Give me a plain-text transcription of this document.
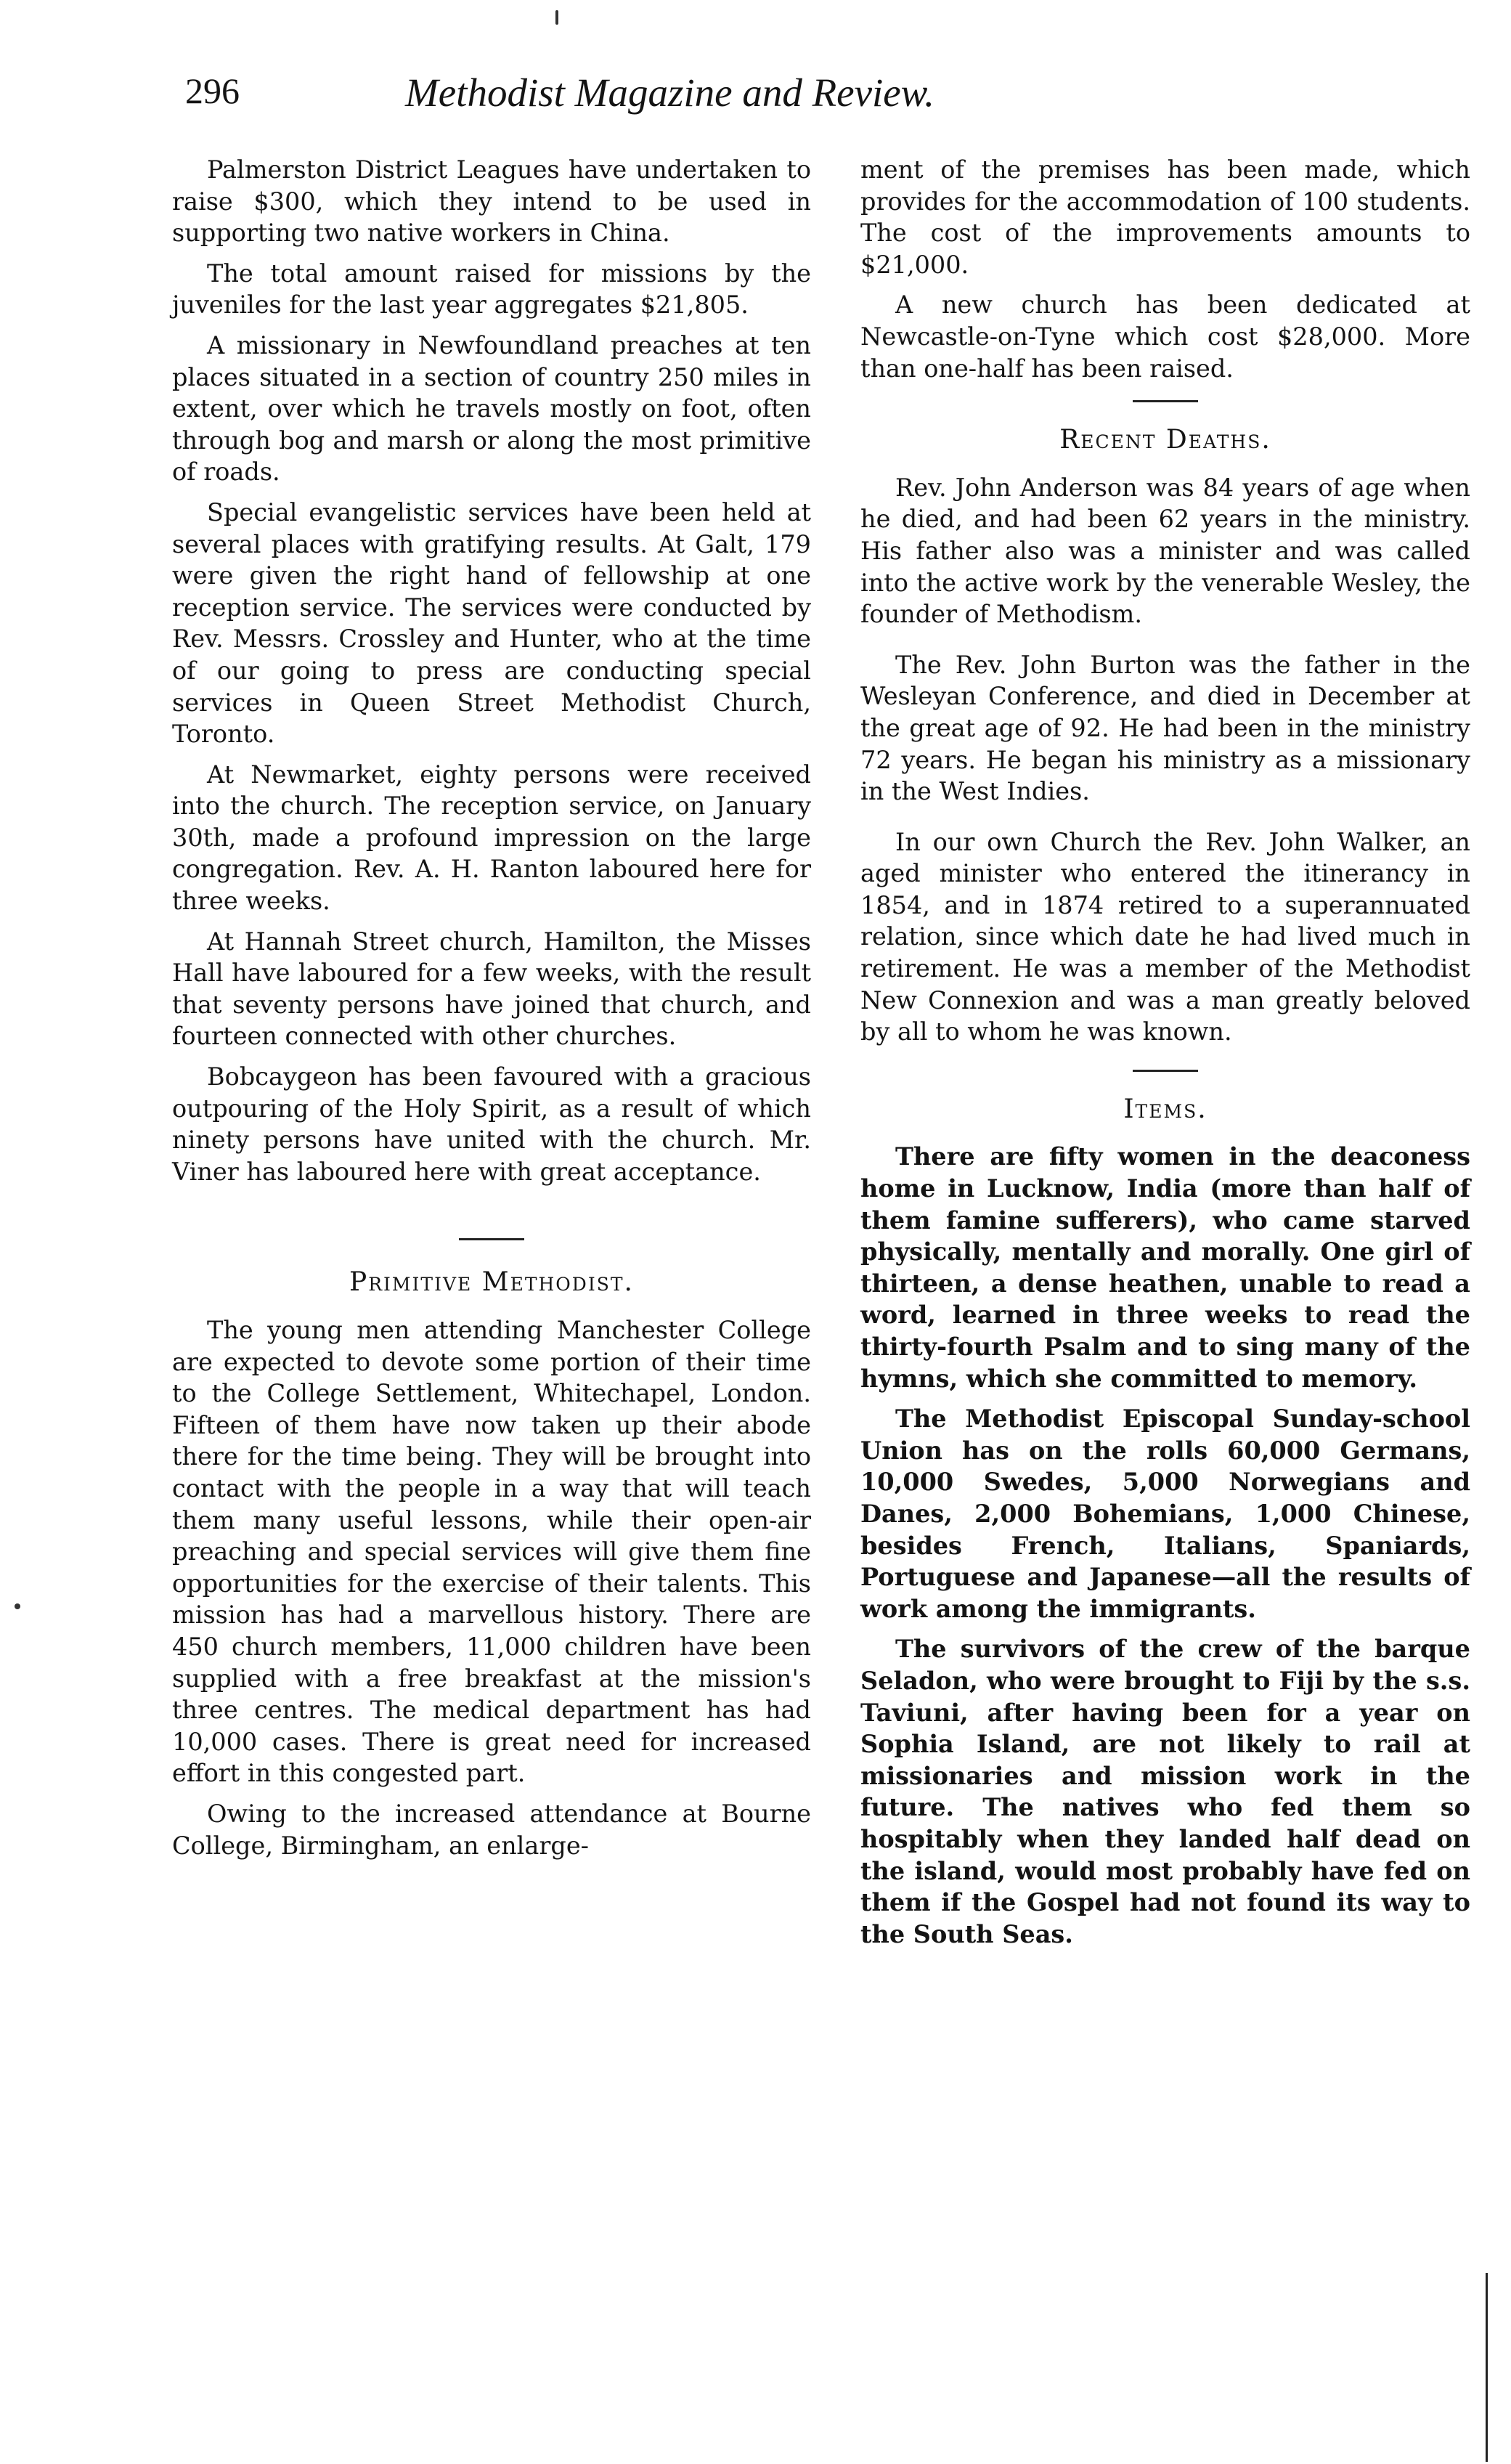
296	Methodist Magazine and Review.

Palmerston District Leagues have undertaken to raise $300, which they intend to be used in supporting two native workers in China.

The total amount raised for missions by the juveniles for the last year aggregates $21,805.

A missionary in Newfoundland preaches at ten places situated in a section of country 250 miles in extent, over which he travels mostly on foot, often through bog and marsh or along the most primitive of roads.

Special evangelistic services have been held at several places with gratifying results. At Galt, 179 were given the right hand of fellowship at one reception service. The services were conducted by Rev. Messrs. Crossley and Hunter, who at the time of our going to press are conducting special services in Queen Street Methodist Church, Toronto.

At Newmarket, eighty persons were received into the church. The reception service, on January 30th, made a profound impression on the large congregation. Rev. A. H. Ranton laboured here for three weeks.

At Hannah Street church, Hamilton, the Misses Hall have laboured for a few weeks, with the result that seventy persons have joined that church, and fourteen connected with other churches.

Bobcaygeon has been favoured with a gracious outpouring of the Holy Spirit, as a result of which ninety persons have united with the church. Mr. Viner has laboured here with great acceptance.

Primitive Methodist.

The young men attending Manchester College are expected to devote some portion of their time to the College Settlement, Whitechapel, London. Fifteen of them have now taken up their abode there for the time being. They will be brought into contact with the people in a way that will teach them many useful lessons, while their open-air preaching and special services will give them fine opportunities for the exercise of their talents. This mission has had a marvellous history. There are 450 church members, 11,000 children have been supplied with a free breakfast at the mission's three centres. The medical department has had 10,000 cases. There is great need for increased effort in this congested part.

Owing to the increased attendance at Bourne College, Birmingham, an enlarge-

ment of the premises has been made, which provides for the accommodation of 100 students. The cost of the improvements amounts to $21,000.

A new church has been dedicated at Newcastle-on-Tyne which cost $28,000. More than one-half has been raised.

Recent Deaths.

Rev. John Anderson was 84 years of age when he died, and had been 62 years in the ministry. His father also was a minister and was called into the active work by the venerable Wesley, the founder of Methodism.

The Rev. John Burton was the father in the Wesleyan Conference, and died in December at the great age of 92. He had been in the ministry 72 years. He began his ministry as a missionary in the West Indies.

In our own Church the Rev. John Walker, an aged minister who entered the itinerancy in 1854, and in 1874 retired to a superannuated relation, since which date he had lived much in retirement. He was a member of the Methodist New Connexion and was a man greatly beloved by all to whom he was known.

Items.

There are fifty women in the deaconess home in Lucknow, India (more than half of them famine sufferers), who came starved physically, mentally and morally. One girl of thirteen, a dense heathen, unable to read a word, learned in three weeks to read the thirty-fourth Psalm and to sing many of the hymns, which she committed to memory.

The Methodist Episcopal Sunday-school Union has on the rolls 60,000 Germans, 10,000 Swedes, 5,000 Norwegians and Danes, 2,000 Bohemians, 1,000 Chinese, besides French, Italians, Spaniards, Portuguese and Japanese—all the results of work among the immigrants.

The survivors of the crew of the barque Seladon, who were brought to Fiji by the s.s. Taviuni, after having been for a year on Sophia Island, are not likely to rail at missionaries and mission work in the future. The natives who fed them so hospitably when they landed half dead on the island, would most probably have fed on them if the Gospel had not found its way to the South Seas.
